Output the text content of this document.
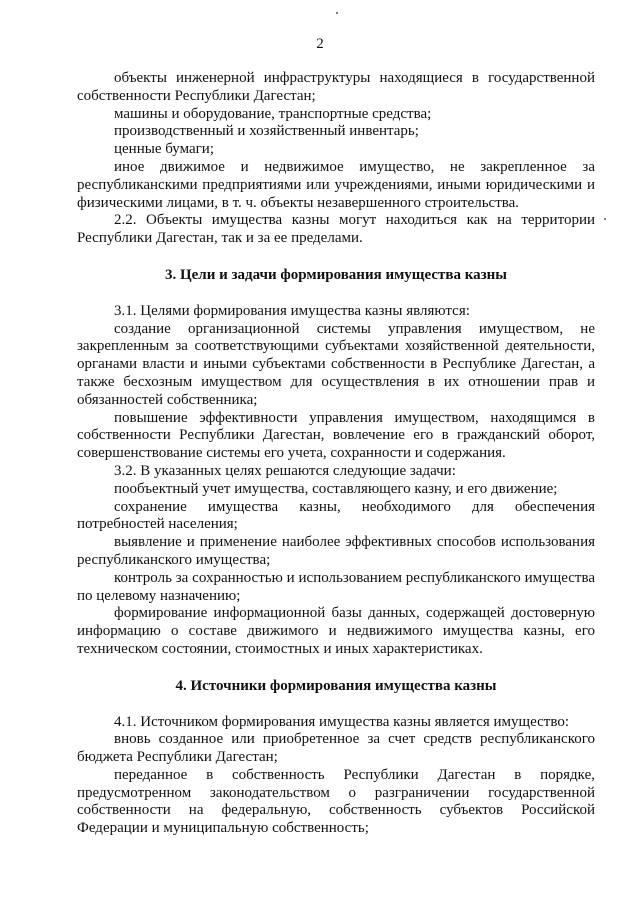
2

объекты инженерной инфраструктуры находящиеся в государственной собственности Республики Дагестан;

машины и оборудование, транспортные средства;

производственный и хозяйственный инвентарь;

ценные бумаги;

иное движимое и недвижимое имущество, не закрепленное за республиканскими предприятиями или учреждениями, иными юридическими и физическими лицами, в т. ч. объекты незавершенного строительства.

2.2. Объекты имущества казны могут находиться как на территории Республики Дагестан, так и за ее пределами.

3. Цели и задачи формирования имущества казны

3.1. Целями формирования имущества казны являются:

создание организационной системы управления имуществом, не закрепленным за соответствующими субъектами хозяйственной деятельности, органами власти и иными субъектами собственности в Республике Дагестан, а также бесхозным имуществом для осуществления в их отношении прав и обязанностей собственника;

повышение эффективности управления имуществом, находящимся в собственности Республики Дагестан, вовлечение его в гражданский оборот, совершенствование системы его учета, сохранности и содержания.

3.2. В указанных целях решаются следующие задачи:

пообъектный учет имущества, составляющего казну, и его движение;

сохранение имущества казны, необходимого для обеспечения потребностей населения;

выявление и применение наиболее эффективных способов использования республиканского имущества;

контроль за сохранностью и использованием республиканского имущества по целевому назначению;

формирование информационной базы данных, содержащей достоверную информацию о составе движимого и недвижимого имущества казны, его техническом состоянии, стоимостных и иных характеристиках.

4. Источники формирования имущества казны

4.1. Источником формирования имущества казны является имущество:

вновь созданное или приобретенное за счет средств республиканского бюджета Республики Дагестан;

переданное в собственность Республики Дагестан в порядке, предусмотренном законодательством о разграничении государственной собственности на федеральную, собственность субъектов Российской Федерации и муниципальную собственность;
